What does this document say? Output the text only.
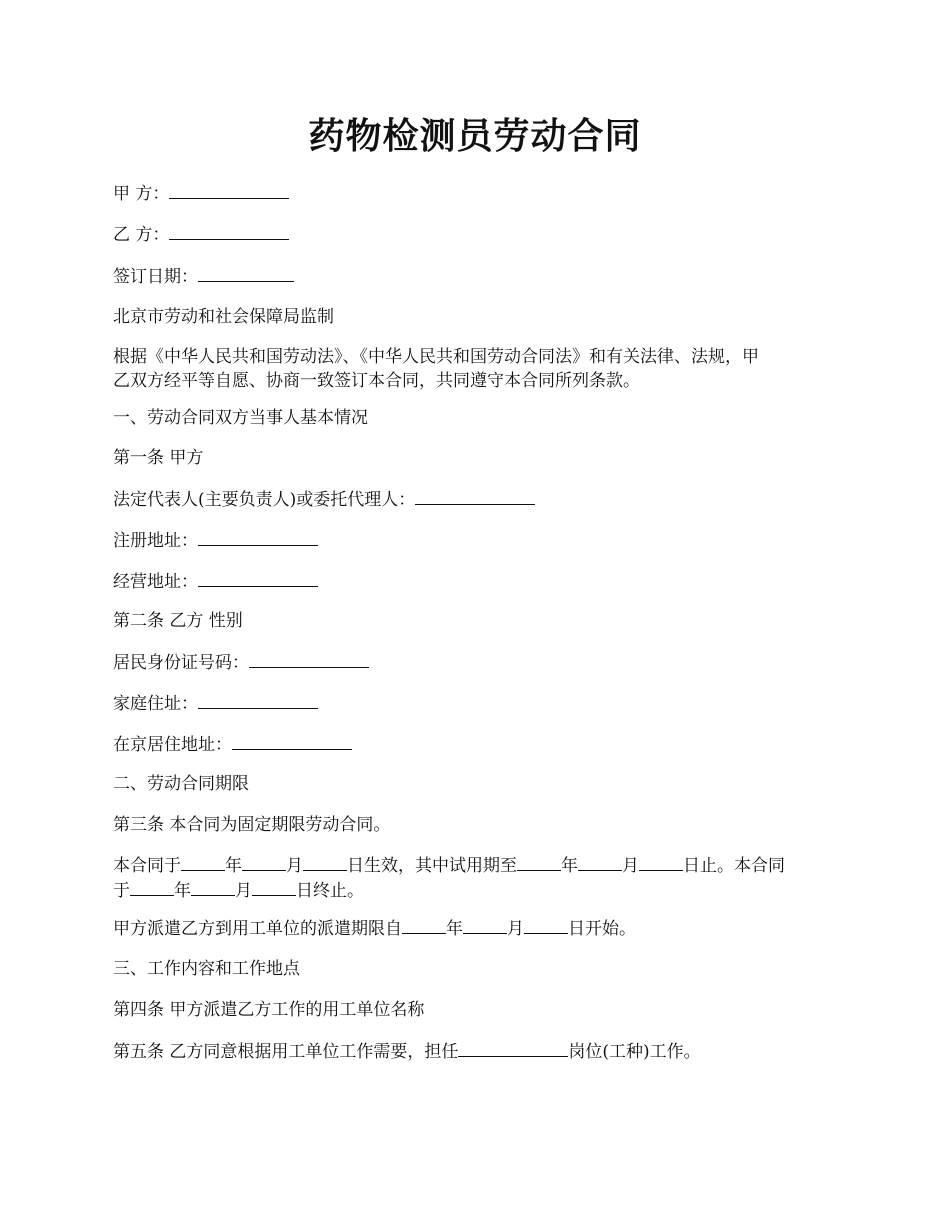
药物检测员劳动合同

甲 方：

乙 方：

签订日期：

北京市劳动和社会保障局监制

根据《中华人民共和国劳动法》、《中华人民共和国劳动合同法》和有关法律、法规，甲
乙双方经平等自愿、协商一致签订本合同，共同遵守本合同所列条款。

一、劳动合同双方当事人基本情况

第一条 甲方

法定代表人(主要负责人)或委托代理人：

注册地址：

经营地址：

第二条 乙方 性别

居民身份证号码：

家庭住址：

在京居住地址：

二、劳动合同期限

第三条 本合同为固定期限劳动合同。

本合同于	年	月	日生效，其中试用期至	年	月	日止。本合同
于	年	月	日终止。

甲方派遣乙方到用工单位的派遣期限自	年	月	日开始。

三、工作内容和工作地点

第四条 甲方派遣乙方工作的用工单位名称

第五条 乙方同意根据用工单位工作需要，担任	岗位(工种)工作。
